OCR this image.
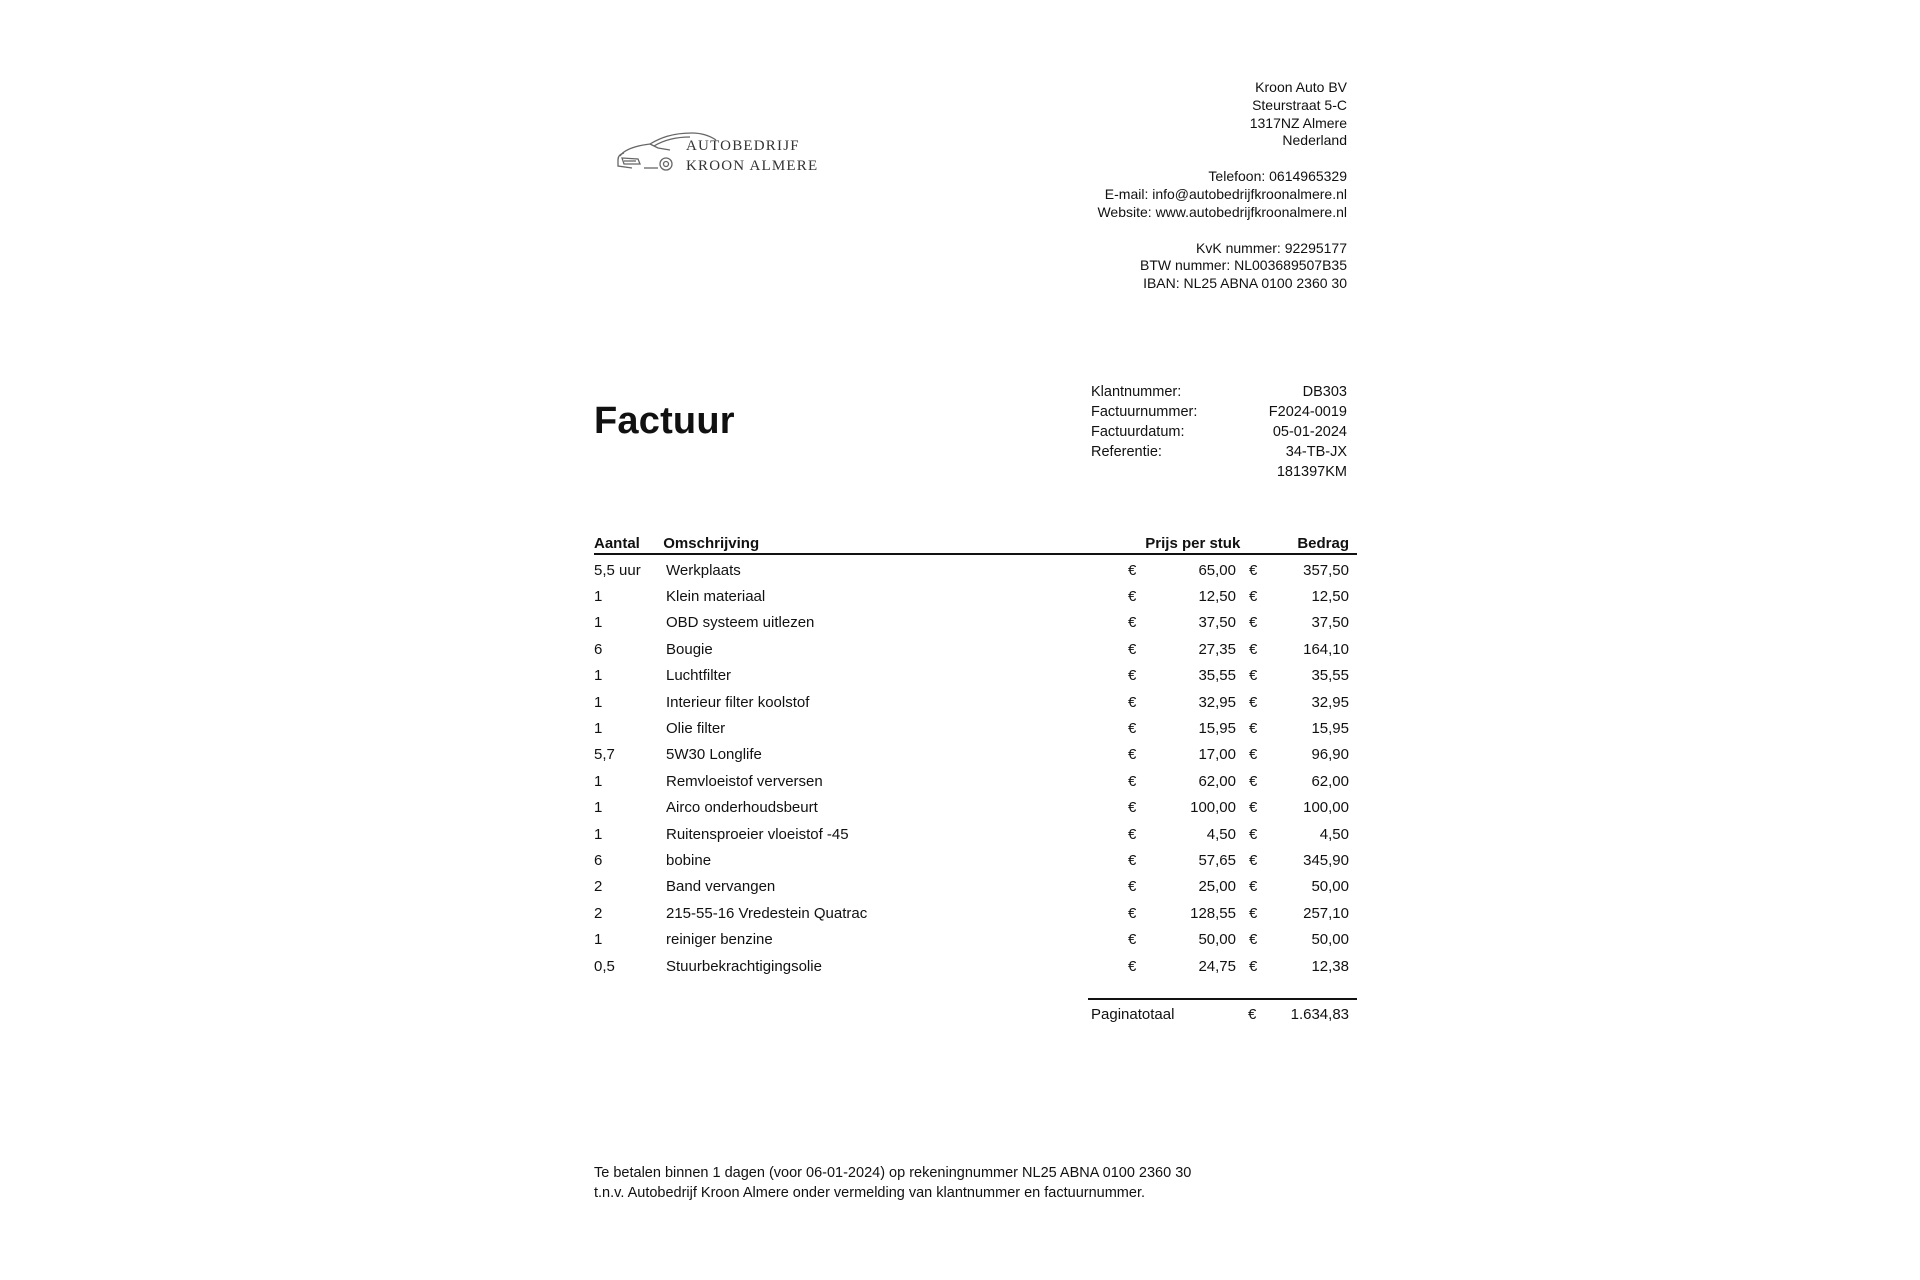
AUTOBEDRIJF
KROON ALMERE
Kroon Auto BV
Steurstraat 5-C
1317NZ Almere
Nederland
Telefoon: 0614965329
E-mail: info@autobedrijfkroonalmere.nl
Website: www.autobedrijfkroonalmere.nl
KvK nummer: 92295177
BTW nummer: NL003689507B35
IBAN: NL25 ABNA 0100 2360 30
Factuur
Klantnummer:	DB303
Factuurnummer:	F2024-0019
Factuurdatum:	05-01-2024
Referentie:	34-TB-JX
181397KM
Aantal	Omschrijving	Prijs per stuk	Bedrag
5,5 uur	Werkplaats	€	65,00 €	357,50
1	Klein materiaal	€	12,50 €	12,50
1	OBD systeem uitlezen	€	37,50 €	37,50
6	Bougie	€	27,35 €	164,10
1	Luchtfilter	€	35,55 €	35,55
1	Interieur filter koolstof	€	32,95 €	32,95
1	Olie filter	€	15,95 €	15,95
5,7	5W30 Longlife	€	17,00 €	96,90
1	Remvloeistof verversen	€	62,00 €	62,00
1	Airco onderhoudsbeurt	€	100,00 €	100,00
1	Ruitensproeier vloeistof -45	€	4,50 €	4,50
6	bobine	€	57,65 €	345,90
2	Band vervangen	€	25,00 €	50,00
2	215-55-16 Vredestein Quatrac	€	128,55 €	257,10
1	reiniger benzine	€	50,00 €	50,00
0,5	Stuurbekrachtigingsolie	€	24,75 €	12,38
Paginatotaal	€	1.634,83
Te betalen binnen 1 dagen (voor 06-01-2024) op rekeningnummer NL25 ABNA 0100 2360 30
t.n.v. Autobedrijf Kroon Almere onder vermelding van klantnummer en factuurnummer.
